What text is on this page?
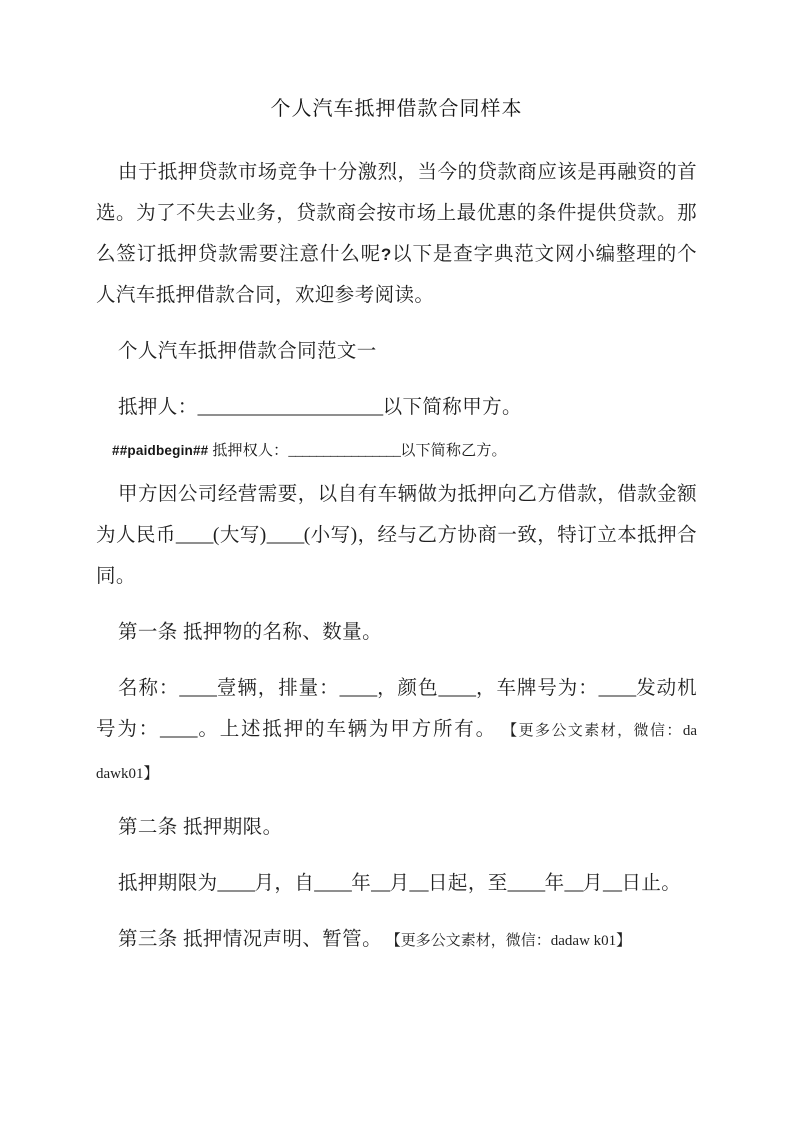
个人汽车抵押借款合同样本

由于抵押贷款市场竞争十分激烈，当今的贷款商应该是再融资的首选。为了不失去业务，贷款商会按市场上最优惠的条件提供贷款。那么签订抵押贷款需要注意什么呢?以下是查字典范文网小编整理的个人汽车抵押借款合同，欢迎参考阅读。

个人汽车抵押借款合同范文一

抵押人：____________________以下简称甲方。

##paidbegin## 抵押权人：________________以下简称乙方。

甲方因公司经营需要，以自有车辆做为抵押向乙方借款，借款金额为人民币____(大写)____(小写)，经与乙方协商一致，特订立本抵押合同。

第一条 抵押物的名称、数量。

名称：____壹辆，排量：____，颜色____，车牌号为：____发动机号为：____。上述抵押的车辆为甲方所有。 【更多公文素材，微信：da dawk01】

第二条 抵押期限。

抵押期限为____月，自____年__月__日起，至____年__月__日止。

第三条 抵押情况声明、暂管。 【更多公文素材，微信：dadaw k01】
